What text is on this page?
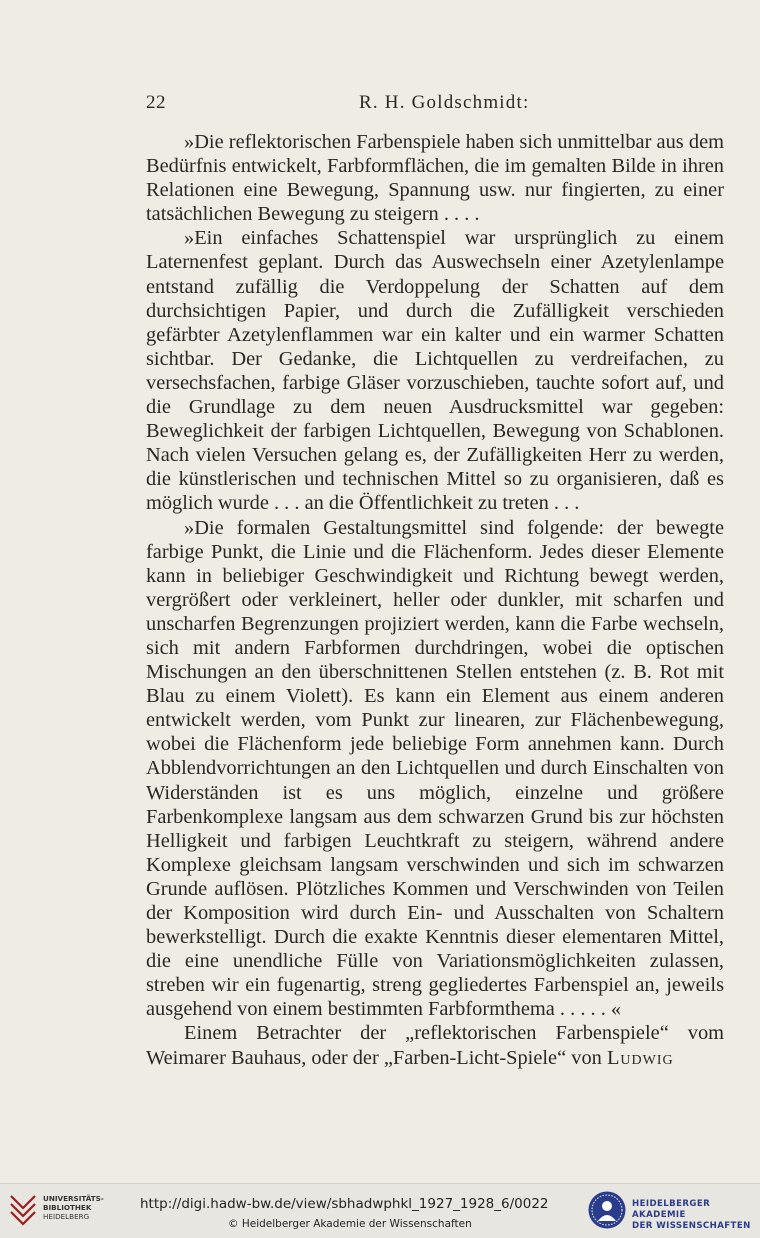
22	R. H. Goldschmidt:

»Die reflektorischen Farbenspiele haben sich unmittelbar aus dem Bedürfnis entwickelt, Farbformflächen, die im gemalten Bilde in ihren Relationen eine Bewegung, Spannung usw. nur fingierten, zu einer tatsächlichen Bewegung zu steigern . . . .

»Ein einfaches Schattenspiel war ursprünglich zu einem Laternenfest geplant. Durch das Auswechseln einer Azetylenlampe entstand zufällig die Verdoppelung der Schatten auf dem durchsichtigen Papier, und durch die Zufälligkeit verschieden gefärbter Azetylenflammen war ein kalter und ein warmer Schatten sichtbar. Der Gedanke, die Lichtquellen zu verdreifachen, zu versechsfachen, farbige Gläser vorzuschieben, tauchte sofort auf, und die Grundlage zu dem neuen Ausdrucksmittel war gegeben: Beweglichkeit der farbigen Lichtquellen, Bewegung von Schablonen. Nach vielen Versuchen gelang es, der Zufälligkeiten Herr zu werden, die künstlerischen und technischen Mittel so zu organisieren, daß es möglich wurde . . . an die Öffentlichkeit zu treten . . .

»Die formalen Gestaltungsmittel sind folgende: der bewegte farbige Punkt, die Linie und die Flächenform. Jedes dieser Elemente kann in beliebiger Geschwindigkeit und Richtung bewegt werden, vergrößert oder verkleinert, heller oder dunkler, mit scharfen und unscharfen Begrenzungen projiziert werden, kann die Farbe wechseln, sich mit andern Farbformen durchdringen, wobei die optischen Mischungen an den überschnittenen Stellen entstehen (z. B. Rot mit Blau zu einem Violett). Es kann ein Element aus einem anderen entwickelt werden, vom Punkt zur linearen, zur Flächenbewegung, wobei die Flächenform jede beliebige Form annehmen kann. Durch Abblendvorrichtungen an den Lichtquellen und durch Einschalten von Widerständen ist es uns möglich, einzelne und größere Farbenkomplexe langsam aus dem schwarzen Grund bis zur höchsten Helligkeit und farbigen Leuchtkraft zu steigern, während andere Komplexe gleichsam langsam verschwinden und sich im schwarzen Grunde auflösen. Plötzliches Kommen und Verschwinden von Teilen der Komposition wird durch Ein- und Ausschalten von Schaltern bewerkstelligt. Durch die exakte Kenntnis dieser elementaren Mittel, die eine unendliche Fülle von Variationsmöglichkeiten zulassen, streben wir ein fugenartig, streng gegliedertes Farbenspiel an, jeweils ausgehend von einem bestimmten Farbformthema . . . . . «

Einem Betrachter der „reflektorischen Farbenspiele“ vom Weimarer Bauhaus, oder der „Farben-Licht-Spiele“ von Ludwig

UNIVERSITÄTS-
BIBLIOTHEK
HEIDELBERG
http://digi.hadw-bw.de/view/sbhadwphkl_1927_1928_6/0022
© Heidelberger Akademie der Wissenschaften
HEIDELBERGER AKADEMIE
DER WISSENSCHAFTEN
